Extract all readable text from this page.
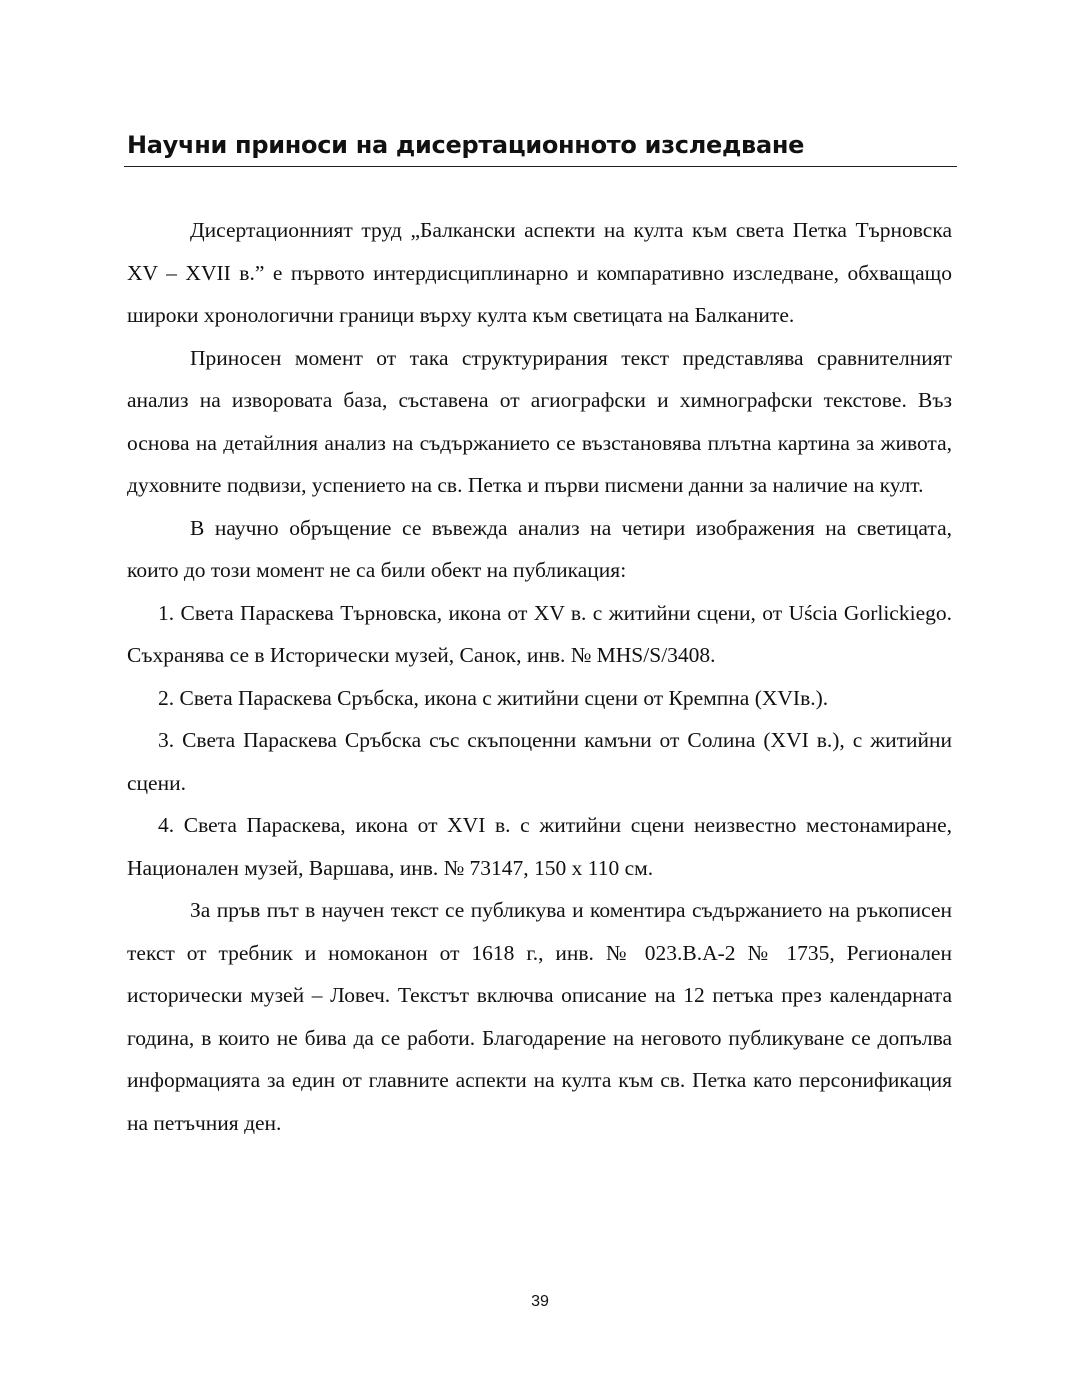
Научни приноси на дисертационното изследване

Дисертационният труд „Балкански аспекти на култа към света Петка Търновска XV – XVII в.” е първото интердисциплинарно и компаративно изследване, обхващащо широки хронологични граници върху култа към светицата на Балканите.

Приносен момент от така структурирания текст представлява сравнителният анализ на изворовата база, съставена от агиографски и химнографски текстове. Въз основа на детайлния анализ на съдържанието се възстановява плътна картина за живота, духовните подвизи, успението на св. Петка и първи писмени данни за наличие на култ.

В научно обръщение се въвежда анализ на четири изображения на светицата, които до този момент не са били обект на публикация:

1. Света Параскева Търновска, икона от XV в. с житийни сцени, от Uścia Gorlickiego. Съхранява се в Исторически музей, Санок, инв. № MHS/S/3408.

2. Света Параскева Сръбска, икона с житийни сцени от Кремпна (XVIв.).

3. Света Параскева Сръбска със скъпоценни камъни от Солина (XVI в.), с житийни сцени.

4. Света Параскева, икона от XVI в. с житийни сцени неизвестно местонамиране, Национален музей, Варшава, инв. № 73147, 150 х 110 см.

За пръв път в научен текст се публикува и коментира съдържанието на ръкописен текст от требник и номоканон от 1618 г., инв. № 023.В.А-2 № 1735, Регионален исторически музей – Ловеч. Текстът включва описание на 12 петъка през календарната година, в които не бива да се работи. Благодарение на неговото публикуване се допълва информацията за един от главните аспекти на култа към св. Петка като персонификация на петъчния ден.

39
